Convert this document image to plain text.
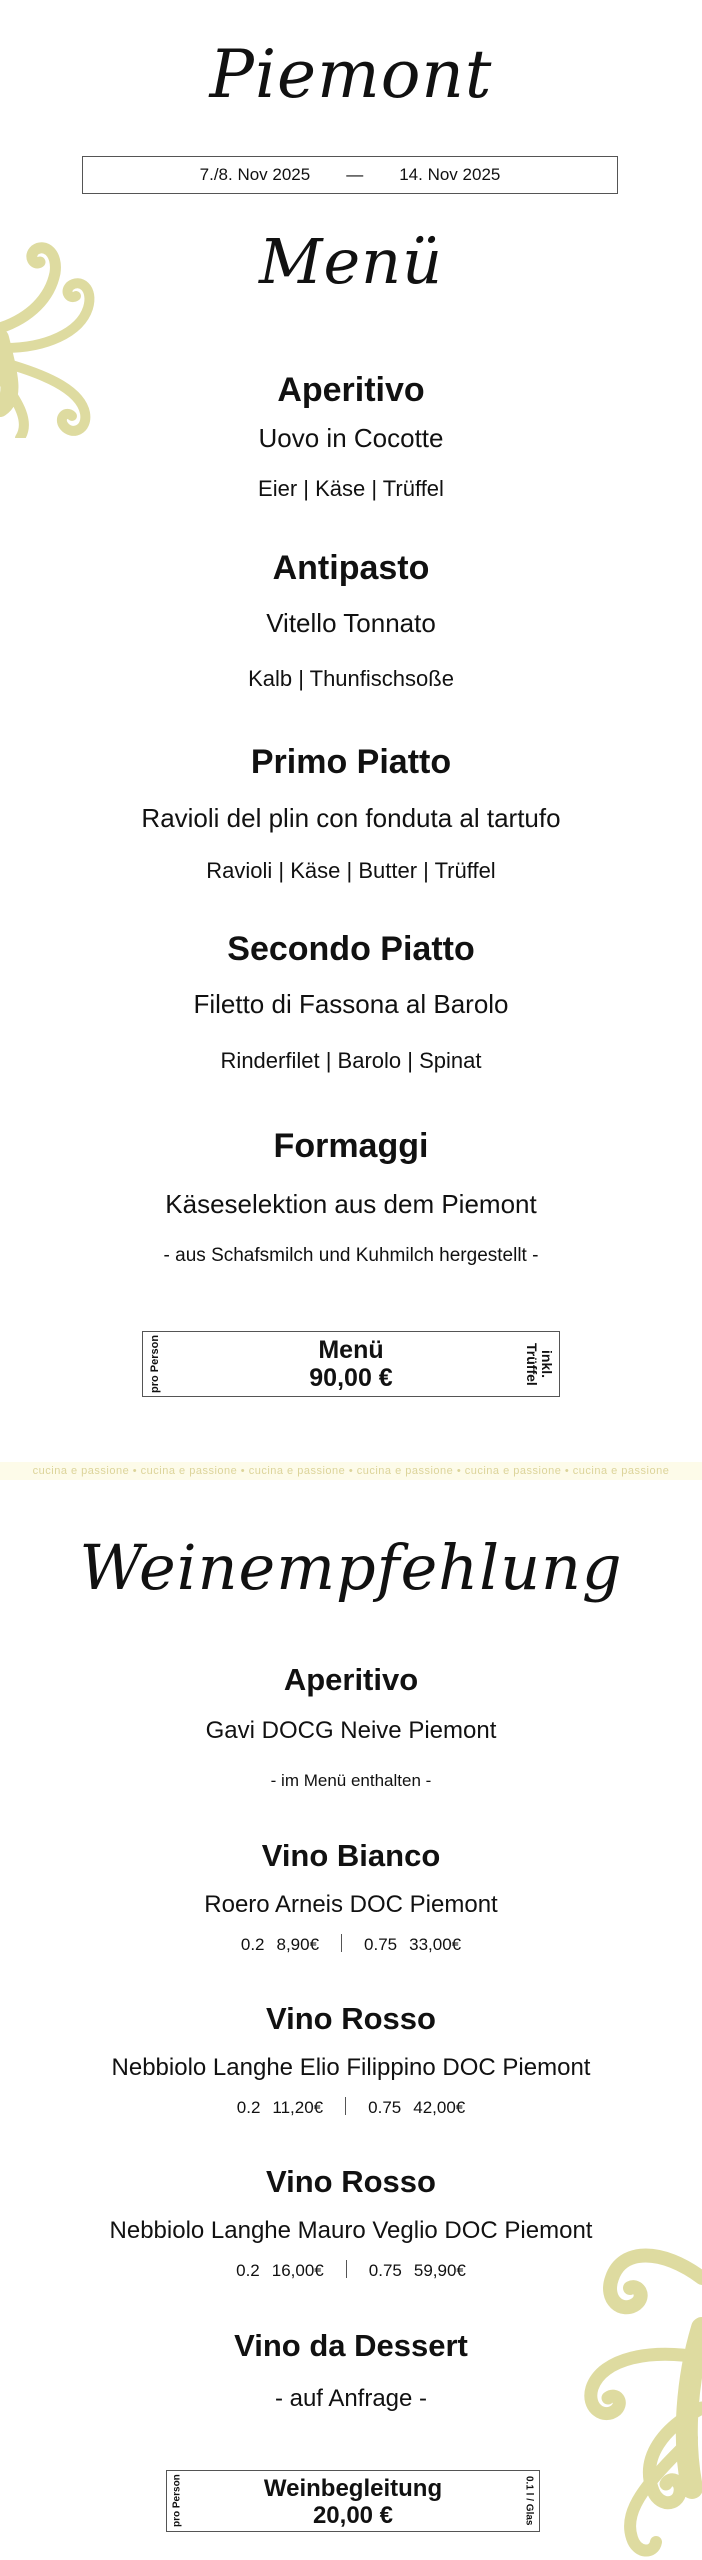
Piemont
7./8. Nov 2025 — 14. Nov 2025
Menü
Aperitivo
Uovo in Cocotte
Eier | Käse | Trüffel
Antipasto
Vitello Tonnato
Kalb | Thunfischsoße
Primo Piatto
Ravioli del plin con fonduta al tartufo
Ravioli | Käse | Butter | Trüffel
Secondo Piatto
Filetto di Fassona al Barolo
Rinderfilet | Barolo | Spinat
Formaggi
Käseselektion aus dem Piemont
- aus Schafsmilch und Kuhmilch hergestellt -
pro Person	Menü
90,00 €	inkl.
Trüffel
cucina e passione • cucina e passione • cucina e passione • cucina e passione • cucina e passione • cucina e passione
Weinempfehlung
Aperitivo
Gavi DOCG Neive Piemont
- im Menü enthalten -
Vino Bianco
Roero Arneis DOC Piemont
0.2 8,90€	0.75 33,00€
Vino Rosso
Nebbiolo Langhe Elio Filippino DOC Piemont
0.2 11,20€	0.75 42,00€
Vino Rosso
Nebbiolo Langhe Mauro Veglio DOC Piemont
0.2 16,00€	0.75 59,90€
Vino da Dessert
- auf Anfrage -
pro Person	Weinbegleitung
20,00 €	0.1 l / Glas
